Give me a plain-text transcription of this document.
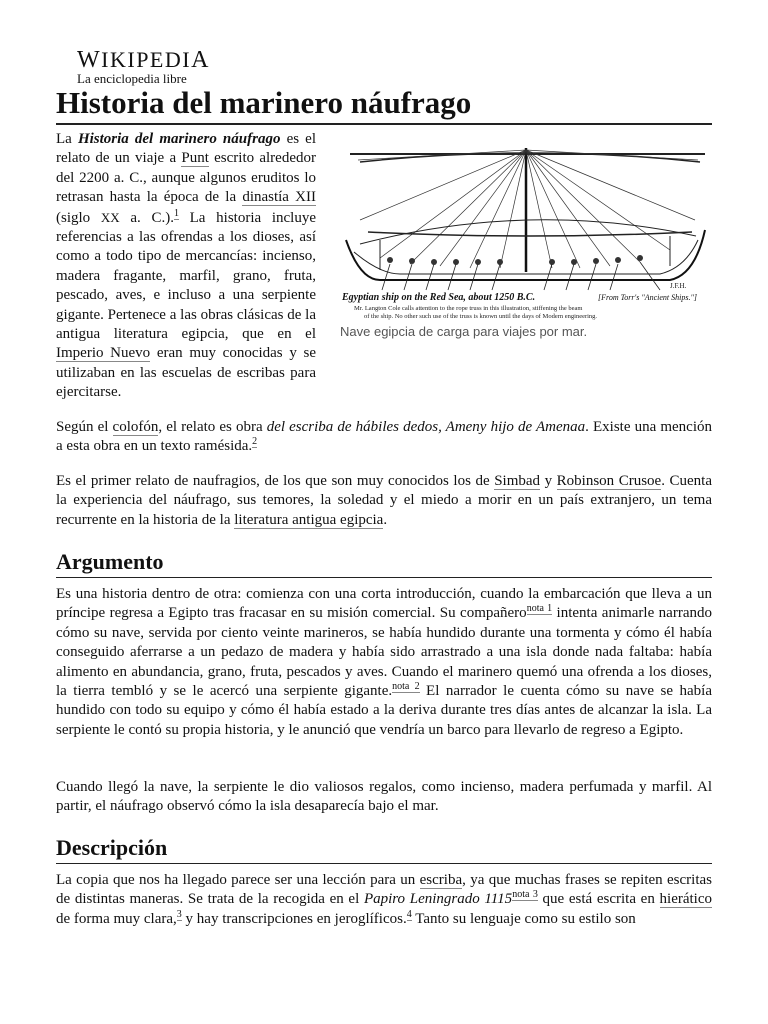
WIKIPEDIA
La enciclopedia libre
Historia del marinero náufrago
La Historia del marinero náufrago es el relato de un viaje a Punt escrito alrededor del 2200 a. C., aunque algunos eruditos lo retrasan hasta la época de la dinastía XII (siglo XX a. C.).$^1$ La historia incluye referencias a las ofrendas a los dioses, así como a todo tipo de mercancías: incienso, madera fragante, marfil, grano, fruta, pescado, aves, e incluso a una serpiente gigante. Pertenece a las obras clásicas de la antigua literatura egipcia, que en el Imperio Nuevo eran muy conocidas y se utilizaban en las escuelas de escribas para ejercitarse.
Egyptian ship on the Red Sea, about 1250 B.C.	[From Torr's "Ancient Ships."]
J.F.H.
Mr. Langton Cole calls attention to the rope truss in this illustration, stiffening the beam
of the ship. No other such use of the truss is known until the days of Modern engineering.
Nave egipcia de carga para viajes por mar.
Según el colofón, el relato es obra del escriba de hábiles dedos, Ameny hijo de Amenaa. Existe una mención a esta obra en un texto ramésida.$^2$
Es el primer relato de naufragios, de los que son muy conocidos los de Simbad y Robinson Crusoe. Cuenta la experiencia del náufrago, sus temores, la soledad y el miedo a morir en un país extranjero, un tema recurrente en la historia de la literatura antigua egipcia.
Argumento
Es una historia dentro de otra: comienza con una corta introducción, cuando la embarcación que lleva a un príncipe regresa a Egipto tras fracasar en su misión comercial. Su compañero$^{nota 1}$ intenta animarle narrando cómo su nave, servida por ciento veinte marineros, se había hundido durante una tormenta y cómo él había conseguido aferrarse a un pedazo de madera y había sido arrastrado a una isla donde nada faltaba: había alimento en abundancia, grano, fruta, pescados y aves. Cuando el marinero quemó una ofrenda a los dioses, la tierra tembló y se le acercó una serpiente gigante.$^{nota 2}$ El narrador le cuenta cómo su nave se había hundido con todo su equipo y cómo él había estado a la deriva durante tres días antes de alcanzar la isla. La serpiente le contó su propia historia, y le anunció que vendría un barco para llevarlo de regreso a Egipto.
Cuando llegó la nave, la serpiente le dio valiosos regalos, como incienso, madera perfumada y marfil. Al partir, el náufrago observó cómo la isla desaparecía bajo el mar.
Descripción
La copia que nos ha llegado parece ser una lección para un escriba, ya que muchas frases se repiten escritas de distintas maneras. Se trata de la recogida en el Papiro Leningrado $1115^{nota 3}$ que está escrita en hierático de forma muy clara,$^3$ y hay transcripciones en jeroglíficos.$^4$ Tanto su lenguaje como su estilo son
